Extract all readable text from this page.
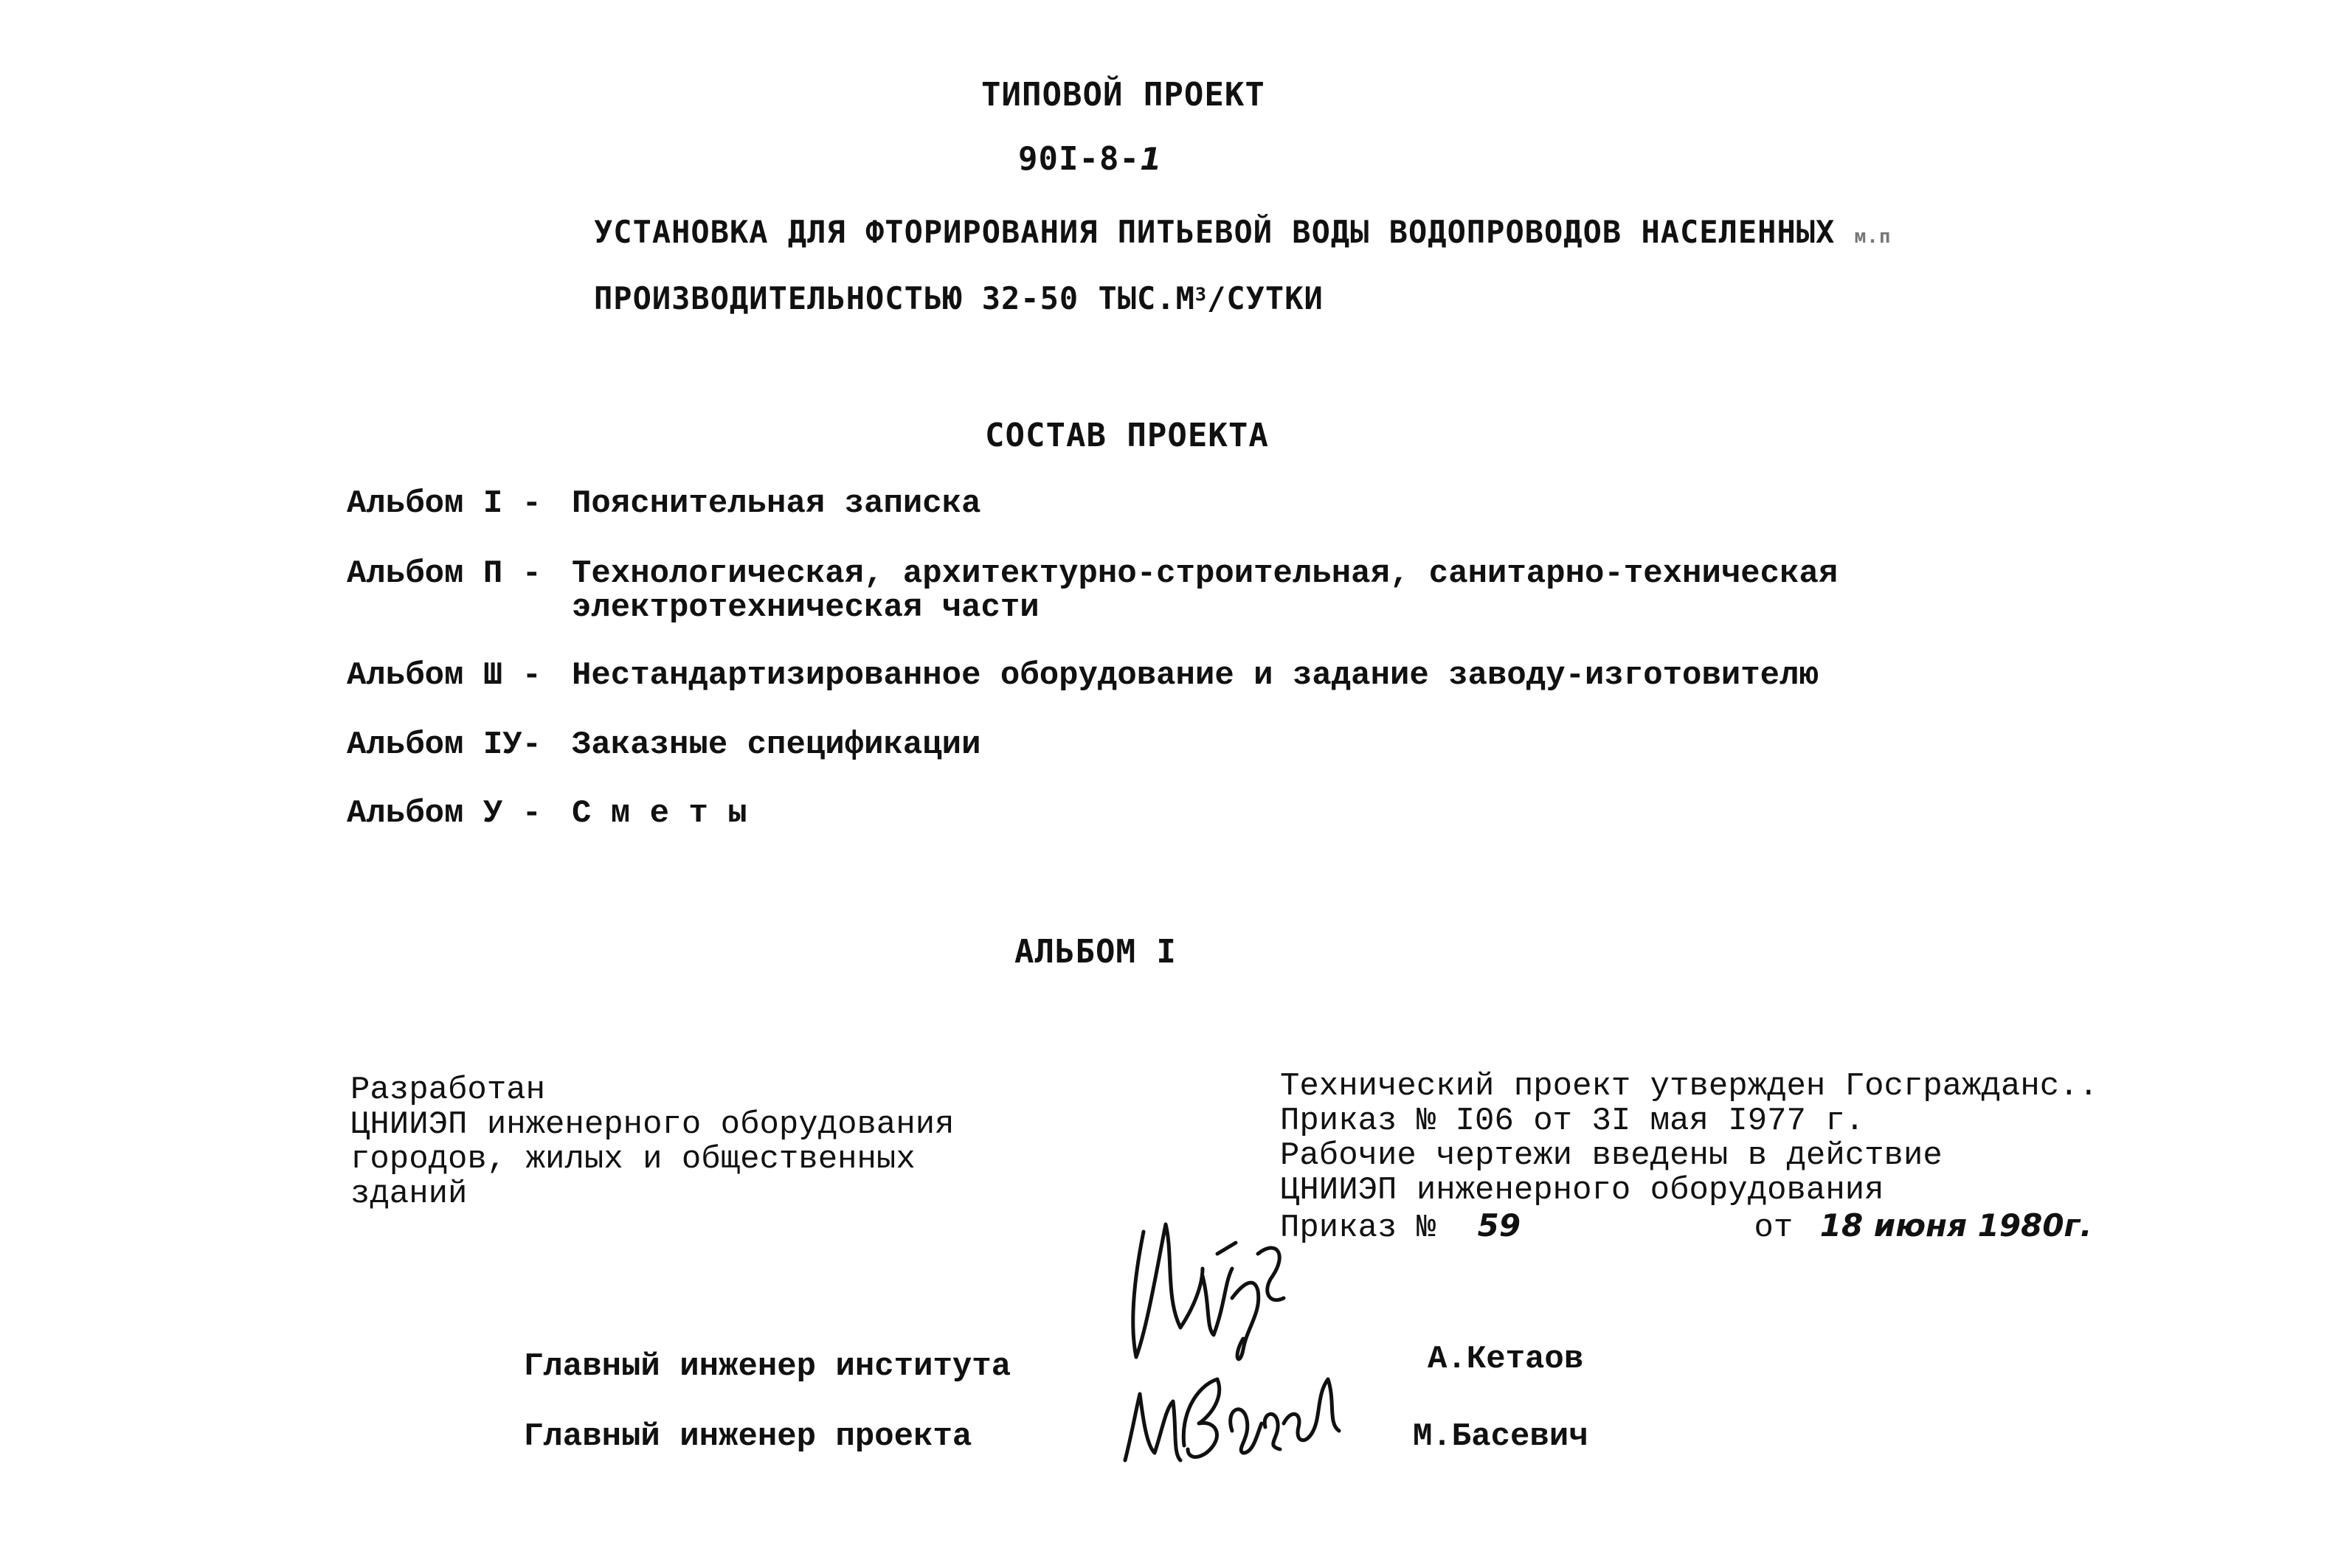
ТИПОВОЙ ПРОЕКТ
90I-8-1
УСТАНОВКА ДЛЯ ФТОРИРОВАНИЯ ПИТЬЕВОЙ ВОДЫ ВОДОПРОВОДОВ НАСЕЛЕННЫХ м.п
ПРОИЗВОДИТЕЛЬНОСТЬЮ 32-50 $ТЫС.М^3$/СУТКИ
СОСТАВ ПРОЕКТА
Альбом I - Пояснительная записка
Альбом П - Технологическая, архитектурно-строительная, санитарно-техническая
электротехническая части
Альбом Ш - Нестандартизированное оборудование и задание заводу-изготовителю
Альбом IУ- Заказные спецификации
Альбом У - С м е т ы
АЛЬБОМ I
Разработан
ЦНИИЭП инженерного оборудования
городов, жилых и общественных
зданий
Технический проект утвержден Госгражданс..
Приказ № I06 от 3I мая I977 г.
Рабочие чертежи введены в действие
ЦНИИЭП инженерного оборудования
Приказ № 59	от 18 июня 1980г.
Главный инженер института	А.Кетаов
Главный инженер проекта	М.Басевич
